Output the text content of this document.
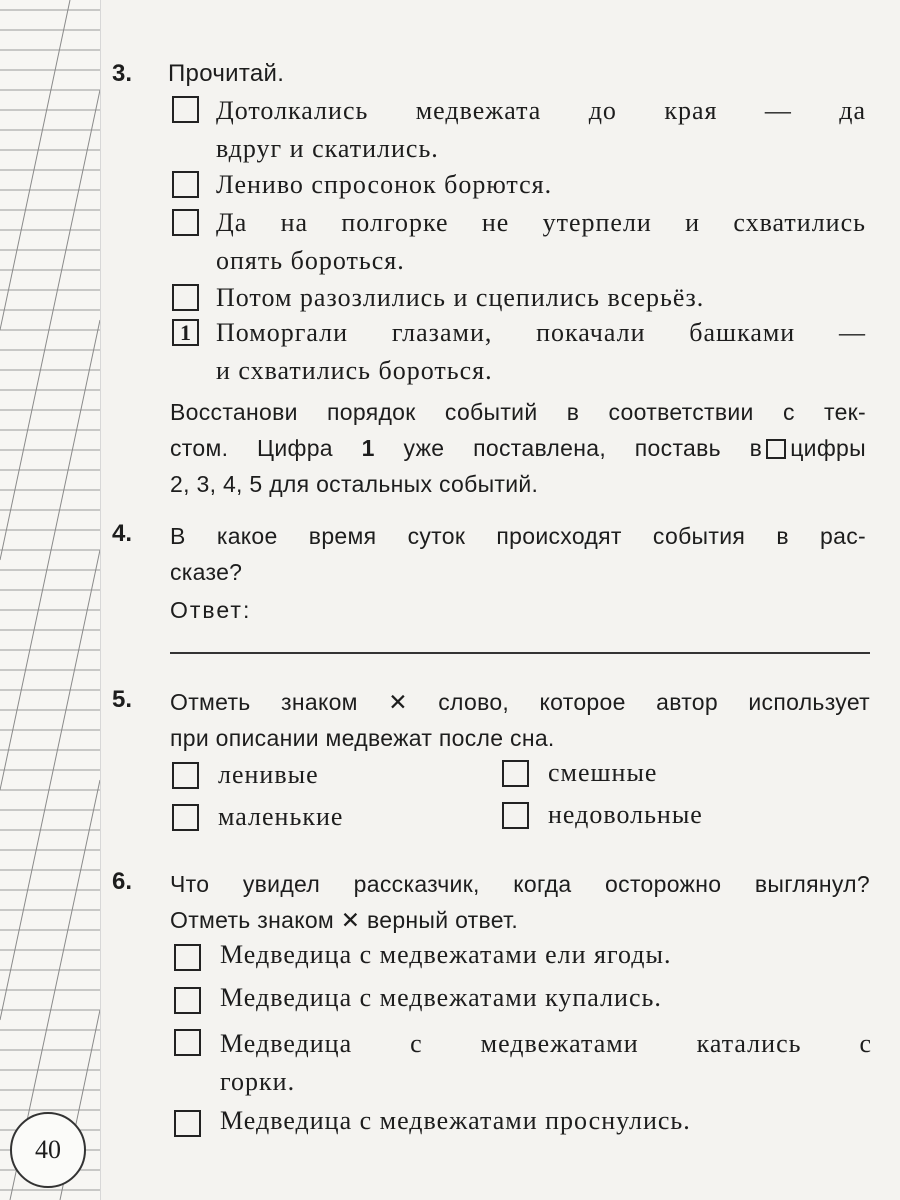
40
3. Прочитай.
Дотолкались медвежата до края — да
вдруг и скатились.
Лениво спросонок борются.
Да на полгорке не утерпели и схватились
опять бороться.
Потом разозлились и сцепились всерьёз.
1 Поморгали глазами, покачали башками —
и схватились бороться.
Восстанови порядок событий в соответствии с тек-
стом. Цифра 1 уже поставлена, поставь в цифры
2, 3, 4, 5 для остальных событий.
4. В какое время суток происходят события в рас-
сказе?
Ответ:
5. Отметь знаком ✕ слово, которое автор использует
при описании медвежат после сна.
ленивые	смешные
маленькие	недовольные
6. Что увидел рассказчик, когда осторожно выглянул?
Отметь знаком ✕ верный ответ.
Медведица с медвежатами ели ягоды.
Медведица с медвежатами купались.
Медведица с медвежатами катались с
горки.
Медведица с медвежатами проснулись.
